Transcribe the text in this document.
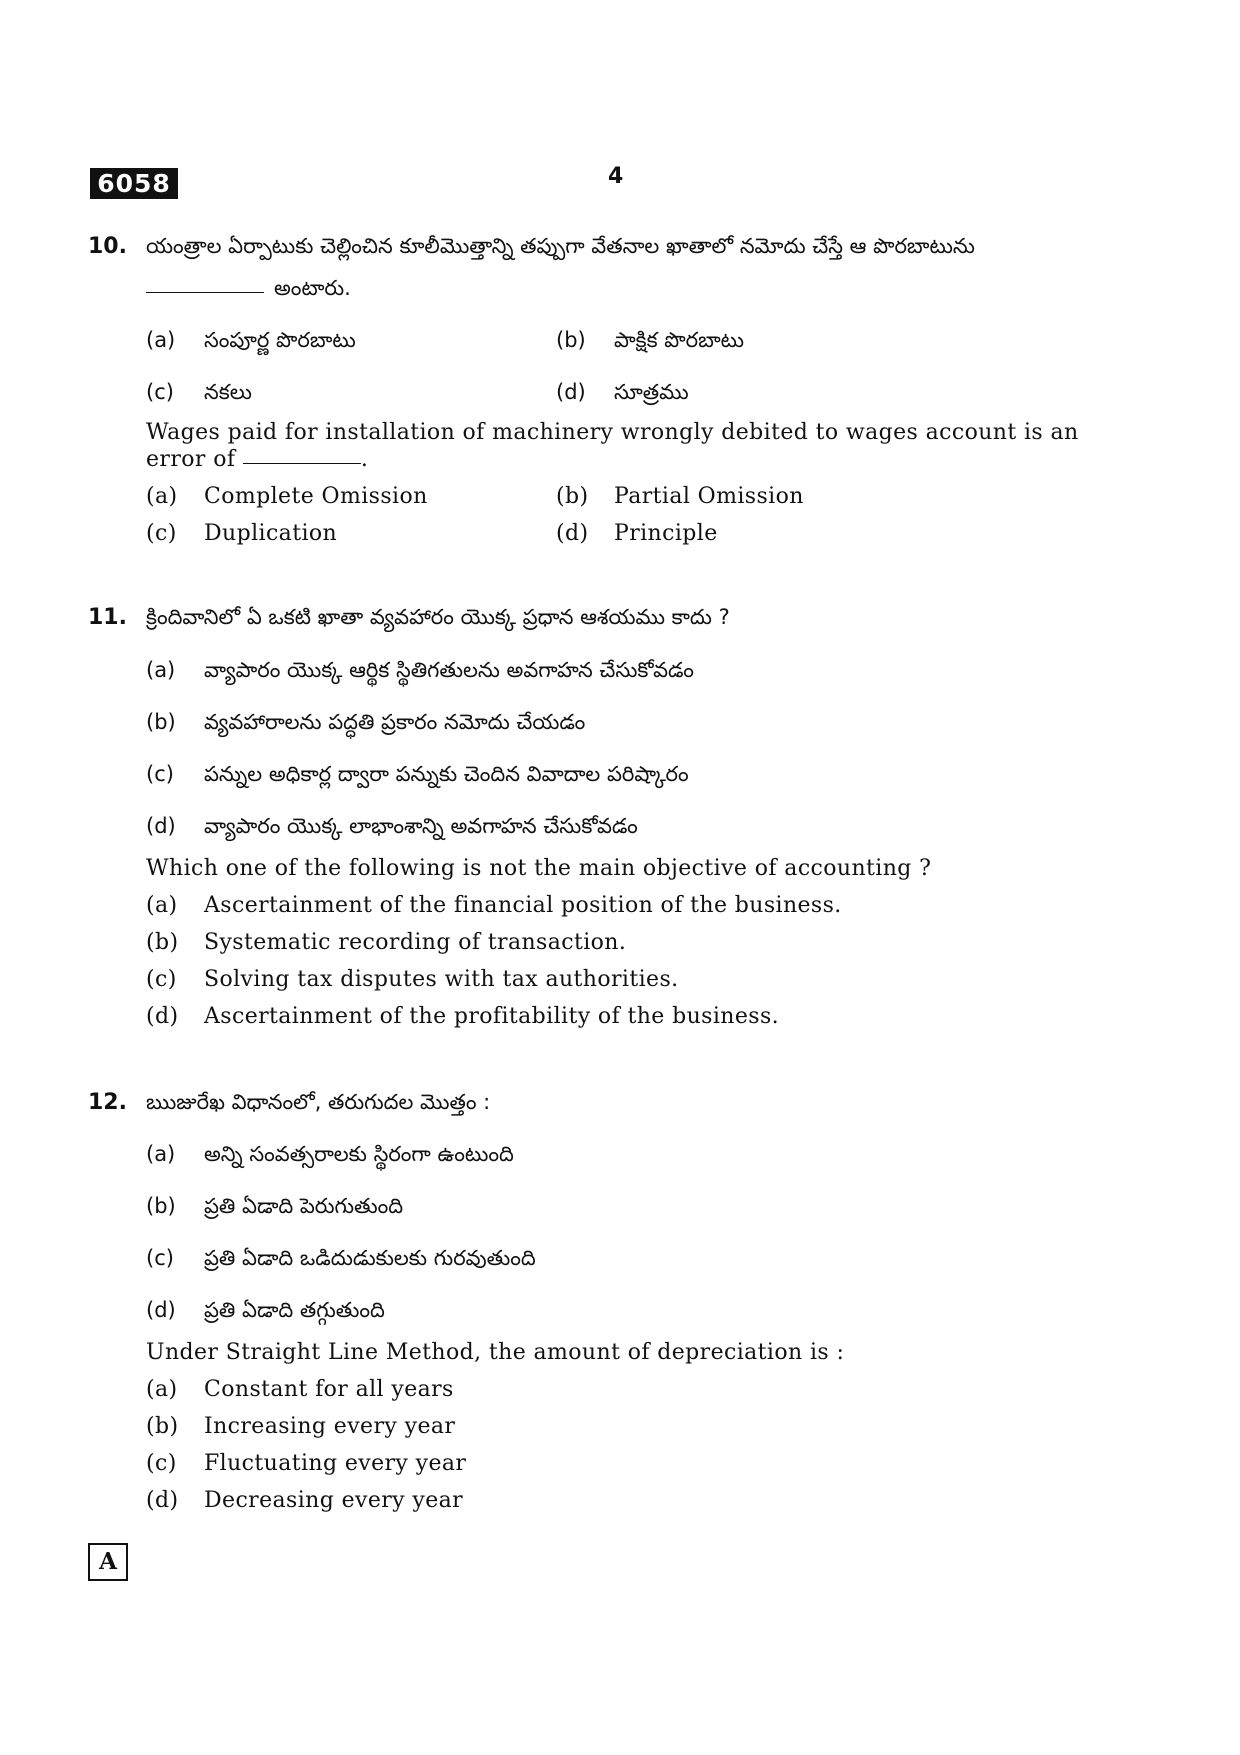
6058	4
10. యంత్రాల ఏర్పాటుకు చెల్లించిన కూలీమొత్తాన్ని తప్పుగా వేతనాల ఖాతాలో నమోదు చేస్తే ఆ పొరబాటును
అంటారు.
(a) సంపూర్ణ పొరబాటు	(b) పాక్షిక పొరబాటు
(c) నకలు	(d) సూత్రము
Wages paid for installation of machinery wrongly debited to wages account is an
error of	.
(a) Complete Omission	(b) Partial Omission
(c) Duplication	(d) Principle
11. క్రిందివానిలో ఏ ఒకటి ఖాతా వ్యవహారం యొక్క ప్రధాన ఆశయము కాదు ?
(a) వ్యాపారం యొక్క ఆర్థిక స్థితిగతులను అవగాహన చేసుకోవడం
(b) వ్యవహారాలను పద్ధతి ప్రకారం నమోదు చేయడం
(c) పన్నుల అధికార్ల ద్వారా పన్నుకు చెందిన వివాదాల పరిష్కారం
(d) వ్యాపారం యొక్క లాభాంశాన్ని అవగాహన చేసుకోవడం
Which one of the following is not the main objective of accounting ?
(a) Ascertainment of the financial position of the business.
(b) Systematic recording of transaction.
(c) Solving tax disputes with tax authorities.
(d) Ascertainment of the profitability of the business.
12. ఋజురేఖ విధానంలో, తరుగుదల మొత్తం :
(a) అన్ని సంవత్సరాలకు స్థిరంగా ఉంటుంది
(b) ప్రతి ఏడాది పెరుగుతుంది
(c) ప్రతి ఏడాది ఒడిదుడుకులకు గురవుతుంది
(d) ప్రతి ఏడాది తగ్గుతుంది
Under Straight Line Method, the amount of depreciation is :
(a) Constant for all years
(b) Increasing every year
(c) Fluctuating every year
(d) Decreasing every year
A
